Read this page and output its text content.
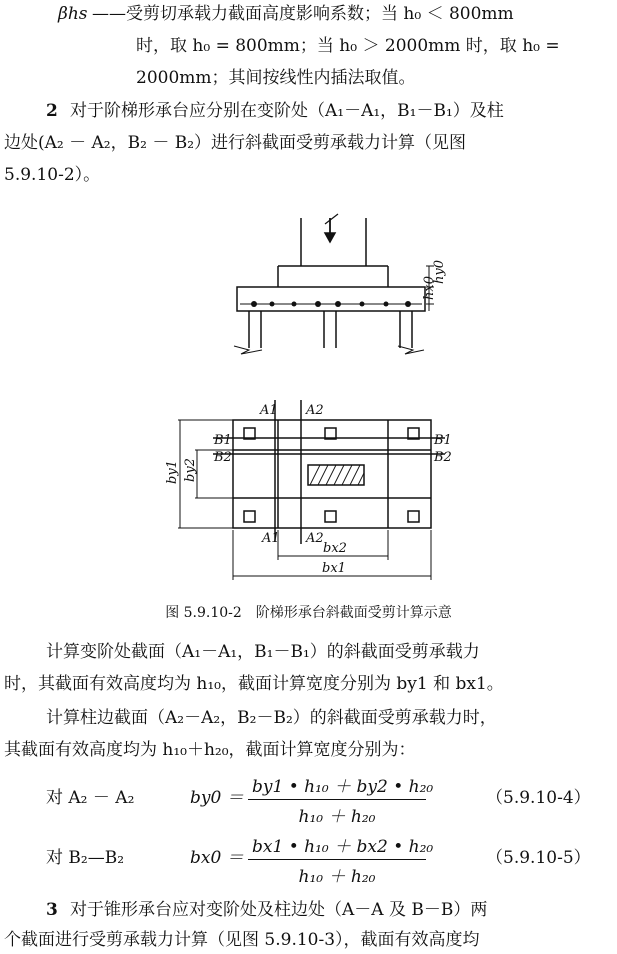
βhs ——受剪切承载力截面高度影响系数；当 h₀ ＜ 800mm
时，取 h₀ = 800mm；当 h₀ ＞ 2000mm 时，取 h₀ =
2000mm；其间按线性内插法取值。
2 对于阶梯形承台应分别在变阶处（A₁－A₁，B₁－B₁）及柱
边处(A₂ － A₂，B₂ － B₂）进行斜截面受剪承载力计算（见图
5.9.10-2）。
hx0
hy0
A1 A2
B1
B2
B1
B2
A1 A2
by1 by2
bx2
bx1
图 5.9.10-2　阶梯形承台斜截面受剪计算示意
计算变阶处截面（A₁－A₁，B₁－B₁）的斜截面受剪承载力
时，其截面有效高度均为 h₁₀，截面计算宽度分别为 by1 和 bx1。
计算柱边截面（A₂－A₂，B₂－B₂）的斜截面受剪承载力时，
其截面有效高度均为 h₁₀＋h₂₀，截面计算宽度分别为：
对 A₂ － A₂	$by0 = \frac{\text{by1 • h₁₀ ＋ by2 • h₂₀}}{\text{h₁₀ ＋ h₂₀}}$	（5.9.10-4）
对 B₂—B₂	$bx0 = \frac{\text{bx1 • h₁₀ ＋ bx2 • h₂₀}}{\text{h₁₀ ＋ h₂₀}}$	（5.9.10-5）
3 对于锥形承台应对变阶处及柱边处（A－A 及 B－B）两
个截面进行受剪承载力计算（见图 5.9.10-3），截面有效高度均
